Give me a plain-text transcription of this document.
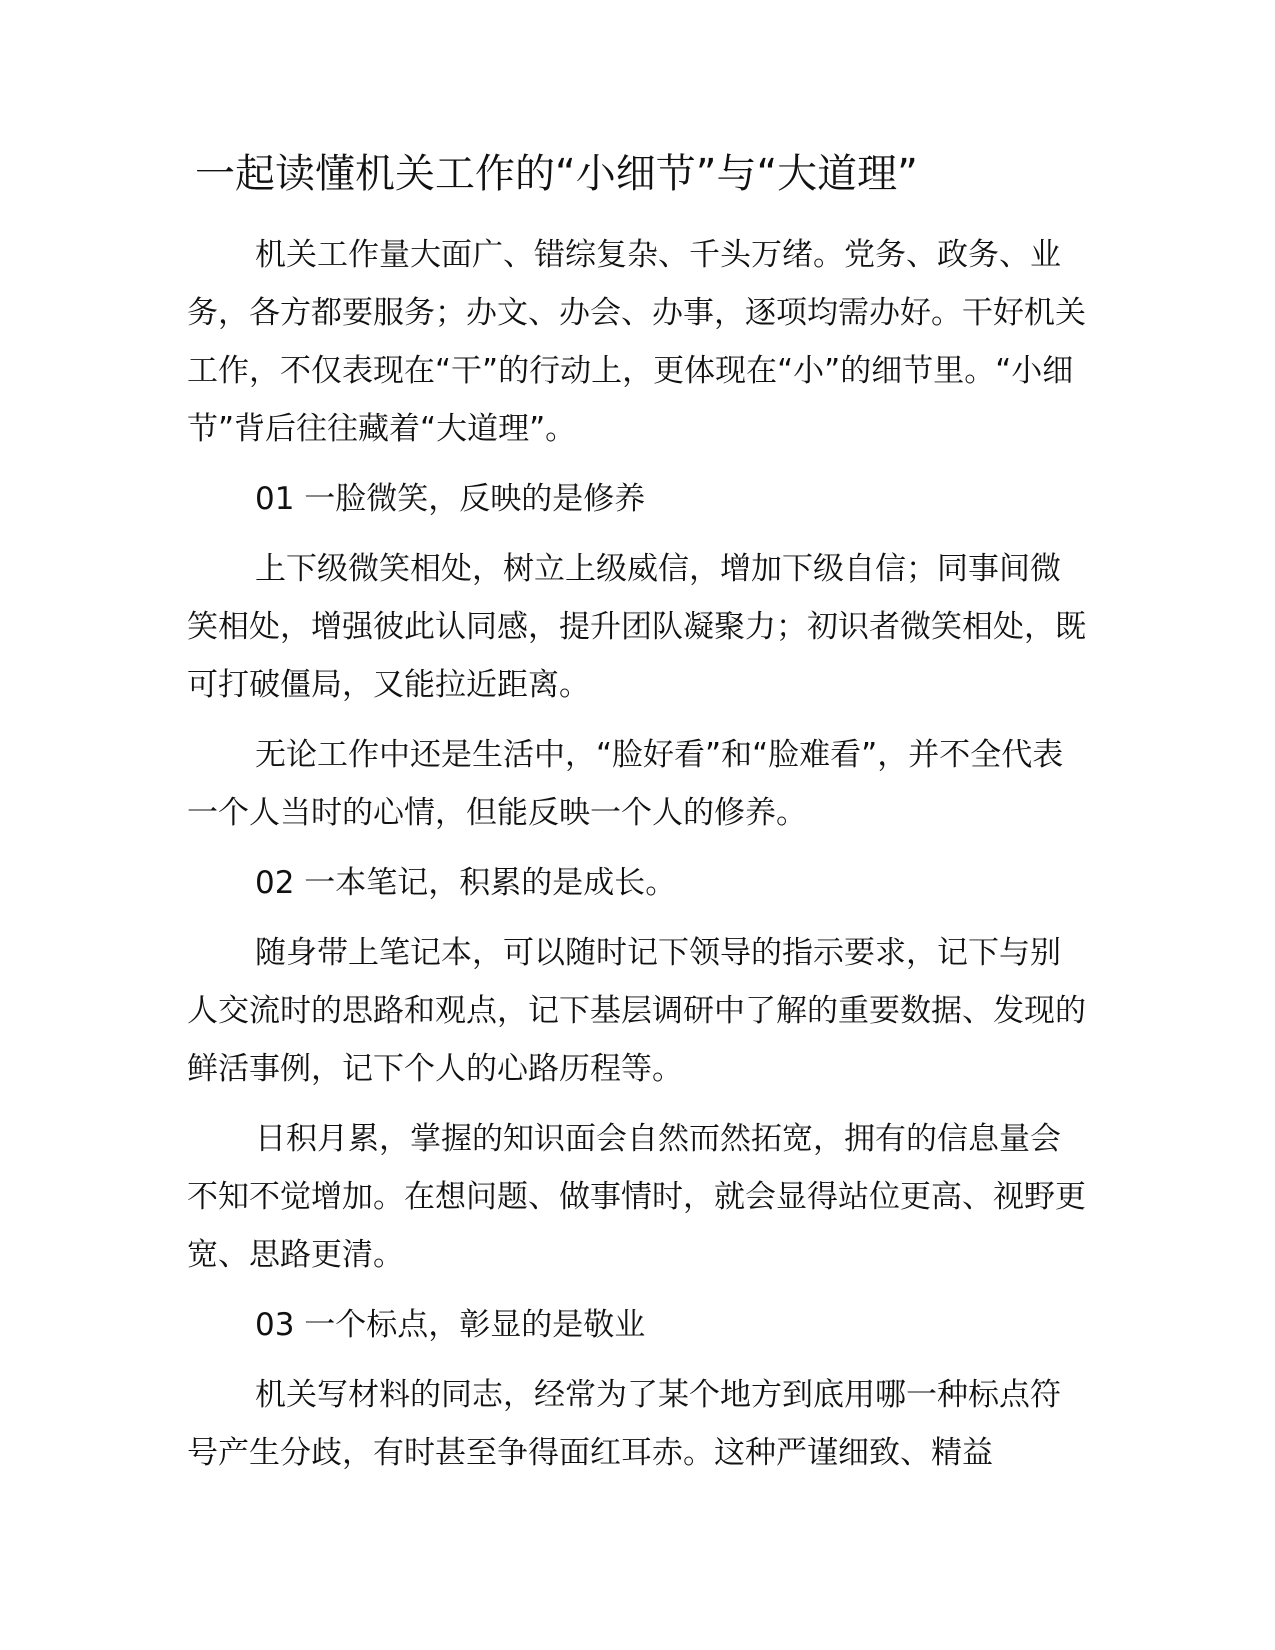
一起读懂机关工作的“小细节”与“大道理”

机关工作量大面广、错综复杂、千头万绪。党务、政务、业务，各方都要服务；办文、办会、办事，逐项均需办好。干好机关工作，不仅表现在“干”的行动上，更体现在“小”的细节里。“小细节”背后往往藏着“大道理”。

01 一脸微笑，反映的是修养

上下级微笑相处，树立上级威信，增加下级自信；同事间微笑相处，增强彼此认同感，提升团队凝聚力；初识者微笑相处，既可打破僵局，又能拉近距离。

无论工作中还是生活中，“脸好看”和“脸难看”，并不全代表一个人当时的心情，但能反映一个人的修养。

02 一本笔记，积累的是成长。

随身带上笔记本，可以随时记下领导的指示要求，记下与别人交流时的思路和观点，记下基层调研中了解的重要数据、发现的鲜活事例，记下个人的心路历程等。

日积月累，掌握的知识面会自然而然拓宽，拥有的信息量会不知不觉增加。在想问题、做事情时，就会显得站位更高、视野更宽、思路更清。

03 一个标点，彰显的是敬业

机关写材料的同志，经常为了某个地方到底用哪一种标点符号产生分歧，有时甚至争得面红耳赤。这种严谨细致、精益
